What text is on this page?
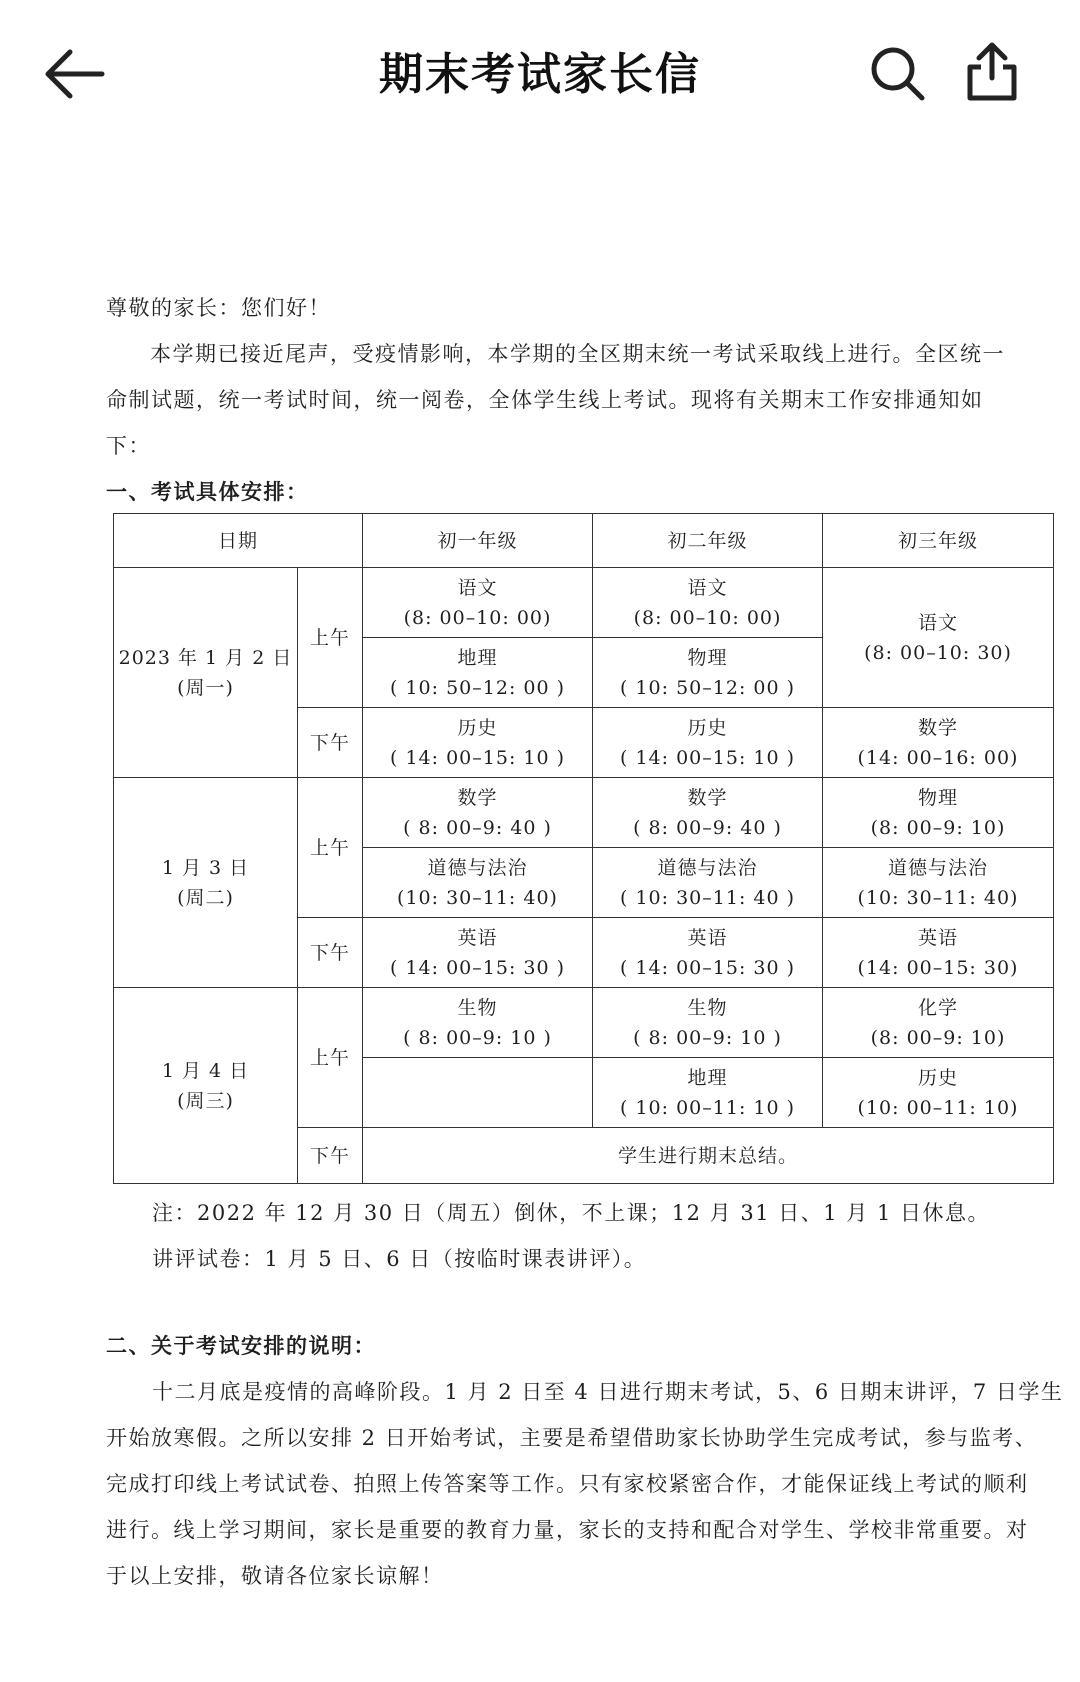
期末考试家长信
尊敬的家长：您们好！
本学期已接近尾声，受疫情影响，本学期的全区期末统一考试采取线上进行。全区统一
命制试题，统一考试时间，统一阅卷，全体学生线上考试。现将有关期末工作安排通知如
下：
一、考试具体安排：
日期		初一年级	初二年级	初三年级

2023 年 1 月 2 日
(周一)	上午	语文
(8: 00–10: 00)	语文
(8: 00–10: 00)	语文
(8: 00–10: 30)

		地理
( 10: 50–12: 00 )	物理
( 10: 50–12: 00 )	

	下午	历史
( 14: 00–15: 10 )	历史
( 14: 00–15: 10 )	数学
(14: 00–16: 00)

1 月 3 日
(周二)	上午	数学
( 8: 00–9: 40 )	数学
( 8: 00–9: 40 )	物理
(8: 00–9: 10)

		道德与法治
(10: 30–11: 40)	道德与法治
( 10: 30–11: 40 )	道德与法治
(10: 30–11: 40)

	下午	英语
( 14: 00–15: 30 )	英语
( 14: 00–15: 30 )	英语
(14: 00–15: 30)

1 月 4 日
(周三)	上午	生物
( 8: 00–9: 10 )	生物
( 8: 00–9: 10 )	化学
(8: 00–9: 10)

			地理
( 10: 00–11: 10 )	历史
(10: 00–11: 10)

	下午	学生进行期末总结。		
注：2022 年 12 月 30 日（周五）倒休，不上课；12 月 31 日、1 月 1 日休息。
讲评试卷：1 月 5 日、6 日（按临时课表讲评）。
二、关于考试安排的说明：
十二月底是疫情的高峰阶段。1 月 2 日至 4 日进行期末考试，5、6 日期末讲评，7 日学生
开始放寒假。之所以安排 2 日开始考试，主要是希望借助家长协助学生完成考试，参与监考、
完成打印线上考试试卷、拍照上传答案等工作。只有家校紧密合作，才能保证线上考试的顺利
进行。线上学习期间，家长是重要的教育力量，家长的支持和配合对学生、学校非常重要。对
于以上安排，敬请各位家长谅解！
